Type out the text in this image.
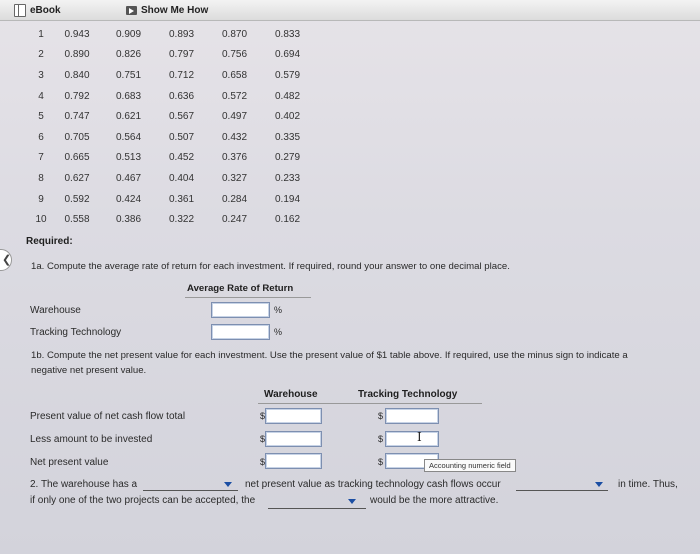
eBook	Show Me How
1	0.943	0.909	0.893	0.870	0.833
2	0.890	0.826	0.797	0.756	0.694
3	0.840	0.751	0.712	0.658	0.579
4	0.792	0.683	0.636	0.572	0.482
5	0.747	0.621	0.567	0.497	0.402
6	0.705	0.564	0.507	0.432	0.335
7	0.665	0.513	0.452	0.376	0.279
8	0.627	0.467	0.404	0.327	0.233
9	0.592	0.424	0.361	0.284	0.194
10	0.558	0.386	0.322	0.247	0.162
Required:
❮
1a. Compute the average rate of return for each investment. If required, round your answer to one decimal place.
Average Rate of Return
Warehouse	%
Tracking Technology	%
1b. Compute the net present value for each investment. Use the present value of $1 table above. If required, use the minus sign to indicate a
negative net present value.
Warehouse	Tracking Technology
Present value of net cash flow total	$	$
Less amount to be invested	$	$	I
Net present value	$	$	Accounting numeric field
2. The warehouse has a	net present value as tracking technology cash flows occur	in time. Thus,
if only one of the two projects can be accepted, the	would be the more attractive.
